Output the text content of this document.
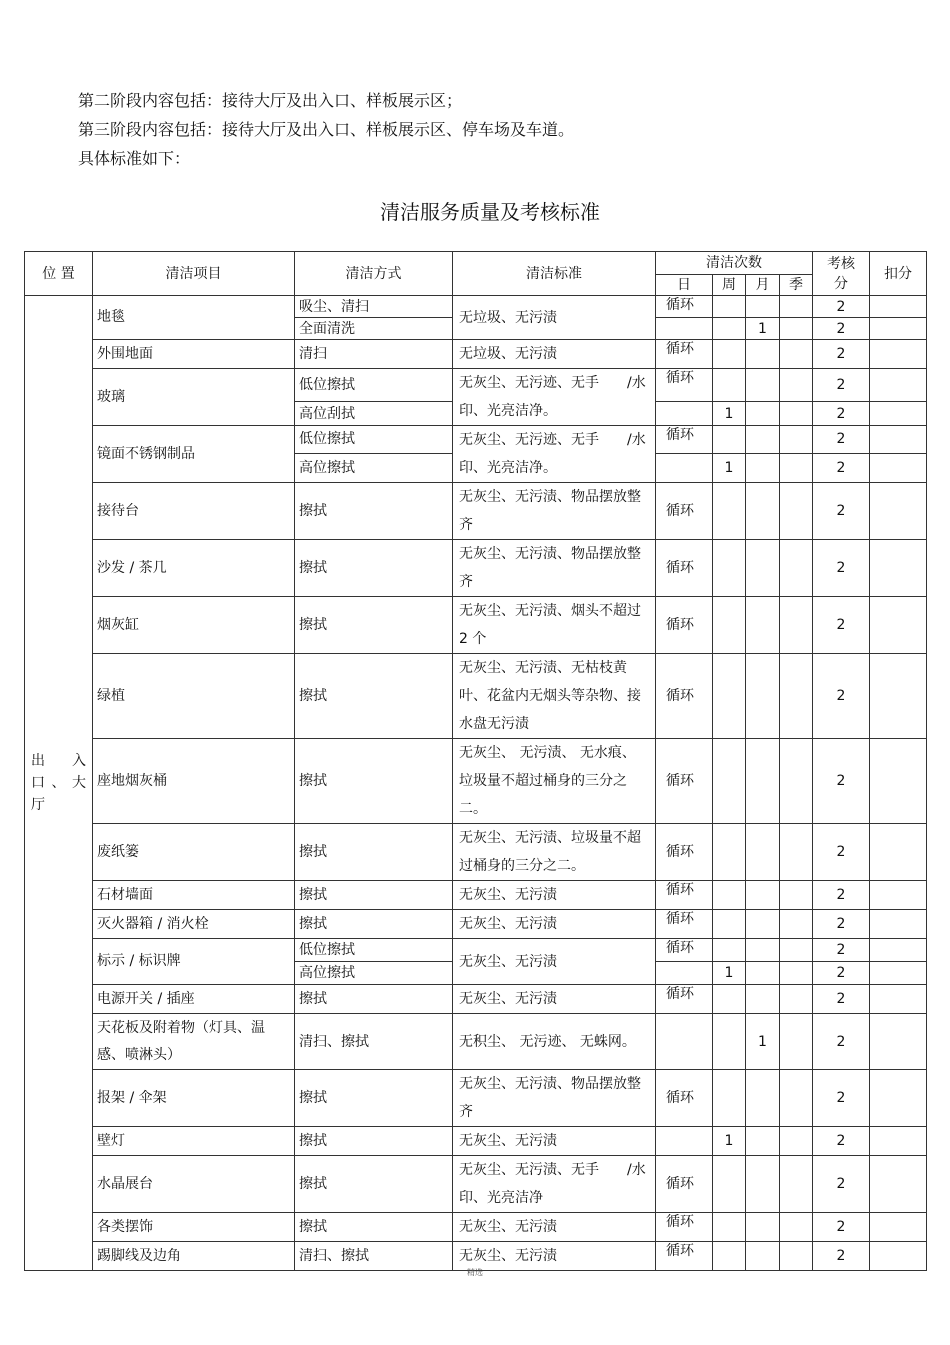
第二阶段内容包括：接待大厅及出入口、样板展示区；
第三阶段内容包括：接待大厅及出入口、样板展示区、停车场及车道。
具体标准如下：
清洁服务质量及考核标准
位 置	清洁项目	清洁方式	清洁标准	清洁次数				考核分	扣分
				日	周	月	季		

出　入口、大厅	地毯	吸尘、清扫	无垃圾、无污渍	循环				2	
		全面清洗				1		2	
	外围地面	清扫	无垃圾、无污渍	循环				2	
	玻璃	低位擦拭	无灰尘、无污迹、无手　　/水印、光亮洁净。	循环				2	
		高位刮拭			1			2	
	镜面不锈钢制品	低位擦拭	无灰尘、无污迹、无手　　/水印、光亮洁净。	循环				2	
		高位擦拭			1			2	
	接待台	擦拭	无灰尘、无污渍、物品摆放整齐	循环				2	
	沙发 / 茶几	擦拭	无灰尘、无污渍、物品摆放整齐	循环				2	
	烟灰缸	擦拭	无灰尘、无污渍、烟头不超过 2 个	循环				2	
	绿植	擦拭	无灰尘、无污渍、无枯枝黄叶、花盆内无烟头等杂物、接水盘无污渍	循环				2	
	座地烟灰桶	擦拭	无灰尘、 无污渍、 无水痕、垃圾量不超过桶身的三分之二。	循环				2	
	废纸篓	擦拭	无灰尘、无污渍、垃圾量不超过桶身的三分之二。	循环				2	
	石材墙面	擦拭	无灰尘、无污渍	循环				2	
	灭火器箱 / 消火栓	擦拭	无灰尘、无污渍	循环				2	
	标示 / 标识牌	低位擦拭	无灰尘、无污渍	循环				2	
		高位擦拭			1			2	
	电源开关 / 插座	擦拭	无灰尘、无污渍	循环				2	
	天花板及附着物（灯具、温感、喷淋头）	清扫、擦拭	无积尘、 无污迹、 无蛛网。			1		2	
	报架 / 伞架	擦拭	无灰尘、无污渍、物品摆放整齐	循环				2	
	壁灯	擦拭	无灰尘、无污渍		1			2	
	水晶展台	擦拭	无灰尘、无污渍、无手　　/水印、光亮洁净	循环				2	
	各类摆饰	擦拭	无灰尘、无污渍	循环				2	
	踢脚线及边角	清扫、擦拭	无灰尘、无污渍	循环				2	
精选
